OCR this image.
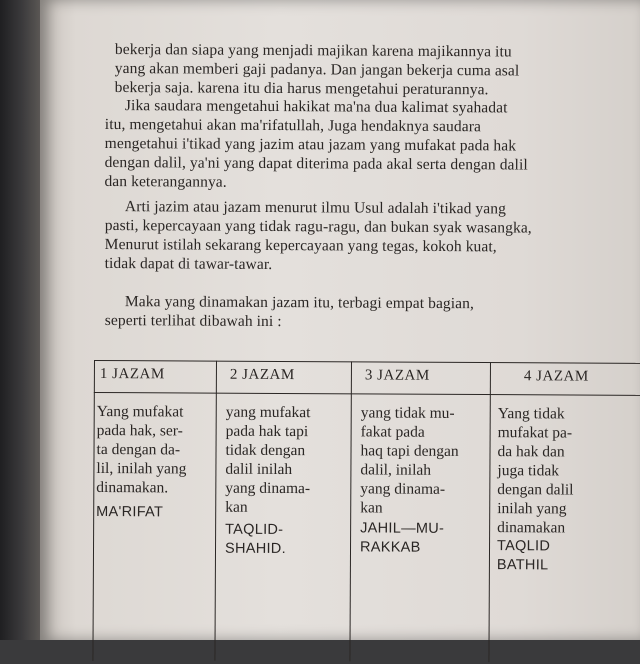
bekerja dan siapa yang menjadi majikan karena majikannya itu
yang akan memberi gaji padanya. Dan jangan bekerja cuma asal
bekerja saja. karena itu dia harus mengetahui peraturannya.
Jika saudara mengetahui hakikat ma'na dua kalimat syahadat
itu, mengetahui akan ma'rifatullah, Juga hendaknya saudara
mengetahui i'tikad yang jazim atau jazam yang mufakat pada hak
dengan dalil, ya'ni yang dapat diterima pada akal serta dengan dalil
dan keterangannya.
Arti jazim atau jazam menurut ilmu Usul adalah i'tikad yang
pasti, kepercayaan yang tidak ragu-ragu, dan bukan syak wasangka,
Menurut istilah sekarang kepercayaan yang tegas, kokoh kuat,
tidak dapat di tawar-tawar.
Maka yang dinamakan jazam itu, terbagi empat bagian,
seperti terlihat dibawah ini :
1 JAZAM
Yang mufakat
pada hak, ser-
ta dengan da-
lil, inilah yang
dinamakan.
MA'RIFAT
2 JAZAM
yang mufakat
pada hak tapi
tidak dengan
dalil inilah
yang dinama-
kan
TAQLID-
SHAHID.
3 JAZAM
yang tidak mu-
fakat pada
haq tapi dengan
dalil, inilah
yang dinama-
kan
JAHIL—MU-
RAKKAB
4 JAZAM
Yang tidak
mufakat pa-
da hak dan
juga tidak
dengan dalil
inilah yang
dinamakan
TAQLID
BATHIL
